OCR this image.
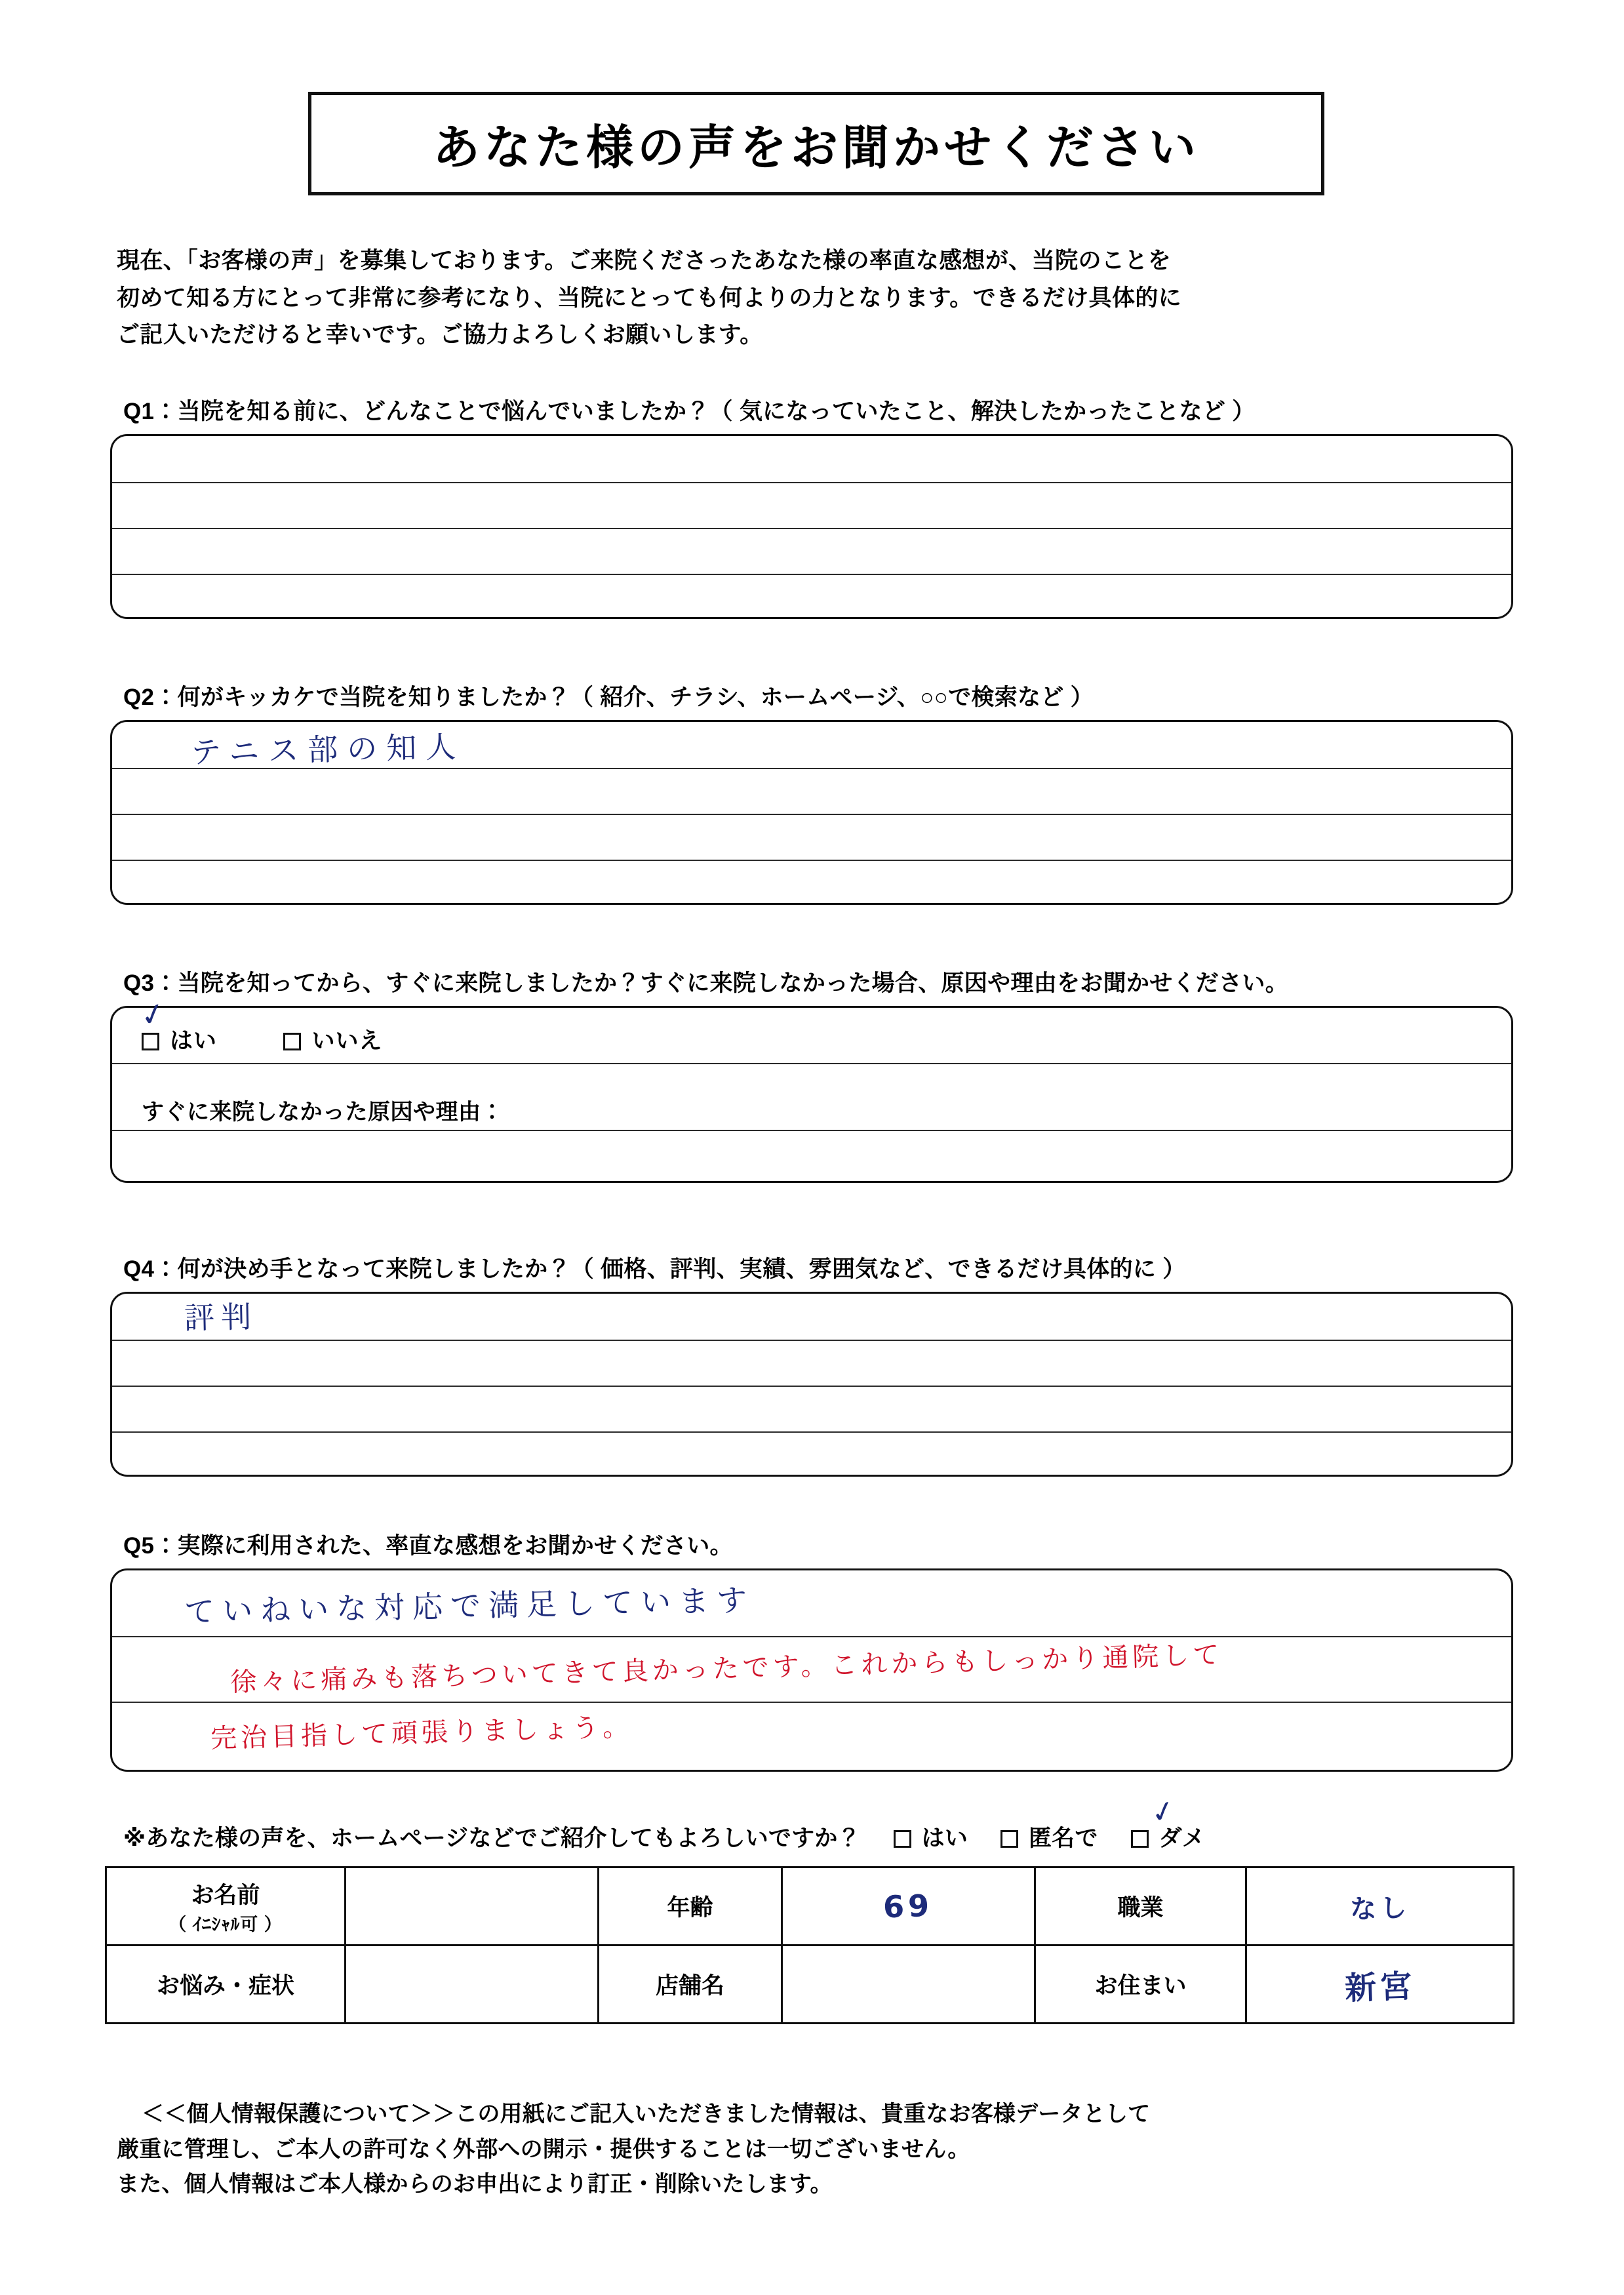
あなた様の声をお聞かせください
現在、「お客様の声」を募集しております。ご来院くださったあなた様の率直な感想が、当院のことを
初めて知る方にとって非常に参考になり、当院にとっても何よりの力となります。できるだけ具体的に
ご記入いただけると幸いです。ご協力よろしくお願いします。
Q1：当院を知る前に、どんなことで悩んでいましたか？（ 気になっていたこと、解決したかったことなど ）
Q2：何がキッカケで当院を知りましたか？（ 紹介、チラシ、ホームページ、○○で検索など ）
テニス部の知人
Q3：当院を知ってから、すぐに来院しましたか？すぐに来院しなかった場合、原因や理由をお聞かせください。
はい	いいえ
✓
すぐに来院しなかった原因や理由：
Q4：何が決め手となって来院しましたか？（ 価格、評判、実績、雰囲気など、できるだけ具体的に ）
評判
Q5：実際に利用された、率直な感想をお聞かせください。
ていねいな対応で満足しています
徐々に痛みも落ちついてきて良かったです。これからもしっかり通院して
完治目指して頑張りましょう。
※あなた様の声を、ホームページなどでご紹介してもよろしいですか？	はい	匿名で	ダメ
✓
お名前
（ ｲﾆｼｬﾙ可 ）		年齢	69	職業	なし
お悩み・症状		店舗名		お住まい	新宮
＜＜個人情報保護について＞＞この用紙にご記入いただきました情報は、貴重なお客様データとして
厳重に管理し、ご本人の許可なく外部への開示・提供することは一切ございません。
また、個人情報はご本人様からのお申出により訂正・削除いたします。
